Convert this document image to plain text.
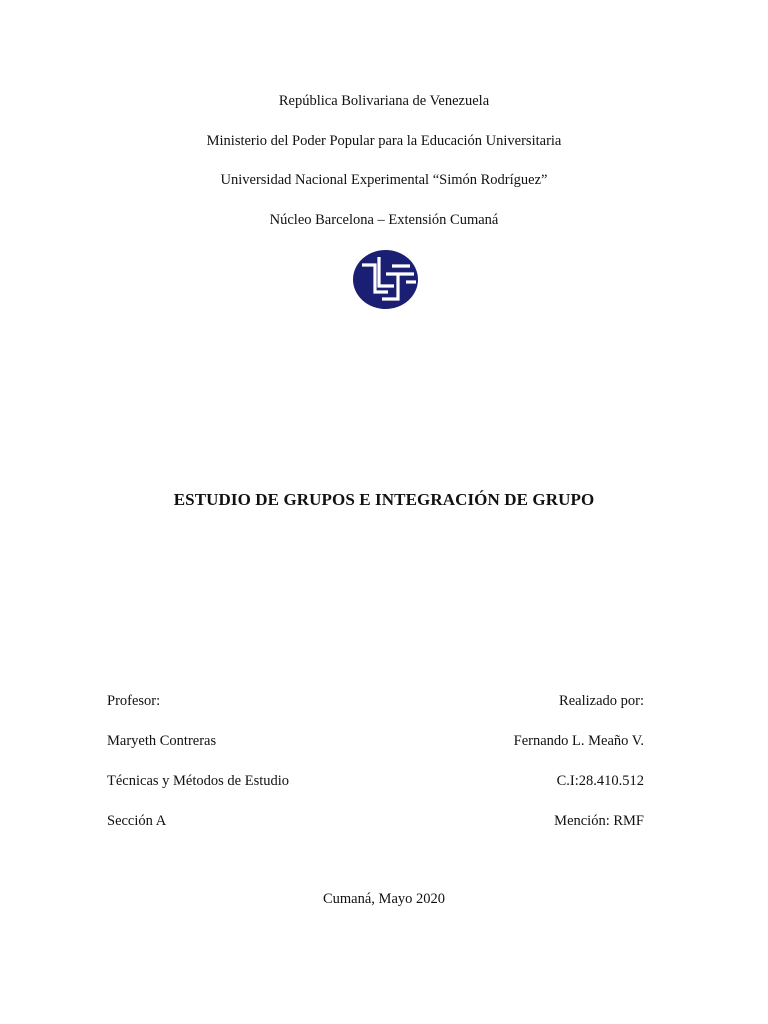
República Bolivariana de Venezuela
Ministerio del Poder Popular para la Educación Universitaria
Universidad Nacional Experimental “Simón Rodríguez”
Núcleo Barcelona – Extensión Cumaná
ESTUDIO DE GRUPOS E INTEGRACIÓN DE GRUPO
Profesor:
Maryeth Contreras
Técnicas y Métodos de Estudio
Sección A
Realizado por:
Fernando L. Meaño V.
C.I:28.410.512
Mención: RMF
Cumaná, Mayo 2020
